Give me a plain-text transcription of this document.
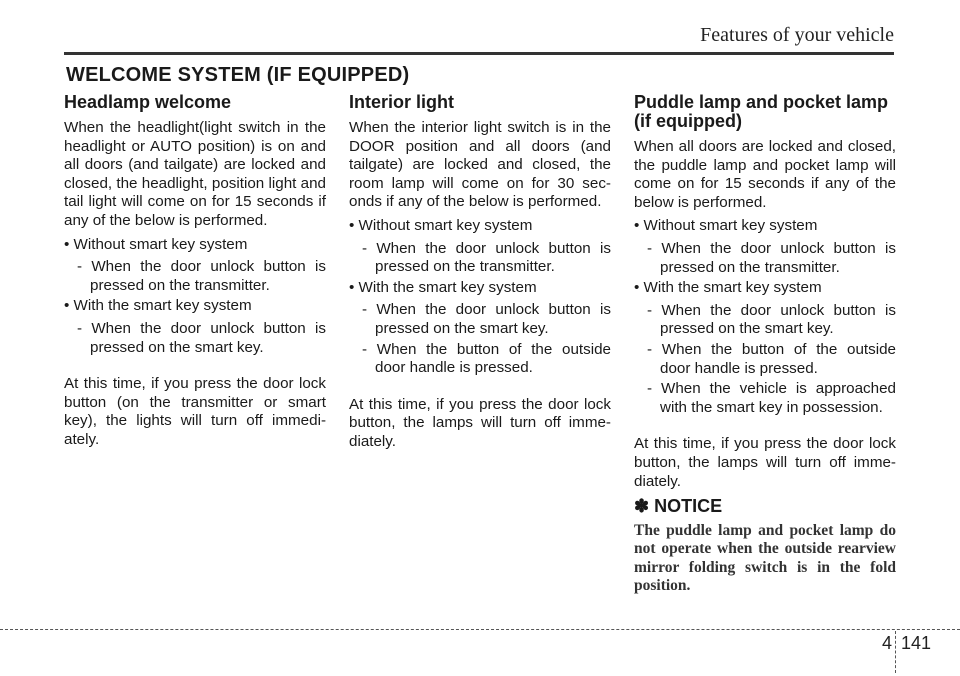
Features of your vehicle
WELCOME SYSTEM (IF EQUIPPED)
Headlamp welcome

When the headlight(light switch in the headlight or AUTO position) is on and all doors (and tailgate) are locked and closed, the headlight, position light and tail light will come on for 15 seconds if any of the below is performed.

• Without smart key system
- When the door unlock button is pressed on the transmitter.
• With the smart key system
- When the door unlock button is pressed on the smart key.

At this time, if you press the door lock button (on the transmitter or smart key), the lights will turn off immedi-ately.

Interior light

When the interior light switch is in the DOOR position and all doors (and tailgate) are locked and closed, the room lamp will come on for 30 sec-onds if any of the below is performed.

• Without smart key system
- When the door unlock button is pressed on the transmitter.
• With the smart key system
- When the door unlock button is pressed on the smart key.
- When the button of the outside door handle is pressed.

At this time, if you press the door lock button, the lamps will turn off imme-diately.

Puddle lamp and pocket lamp (if equipped)

When all doors are locked and closed, the puddle lamp and pocket lamp will come on for 15 seconds if any of the below is performed.

• Without smart key system
- When the door unlock button is pressed on the transmitter.
• With the smart key system
- When the door unlock button is pressed on the smart key.
- When the button of the outside door handle is pressed.
- When the vehicle is approached with the smart key in possession.

At this time, if you press the door lock button, the lamps will turn off imme-diately.

✽ NOTICE
The puddle lamp and pocket lamp do not operate when the outside rearview mirror folding switch is in the fold position.
4 141
